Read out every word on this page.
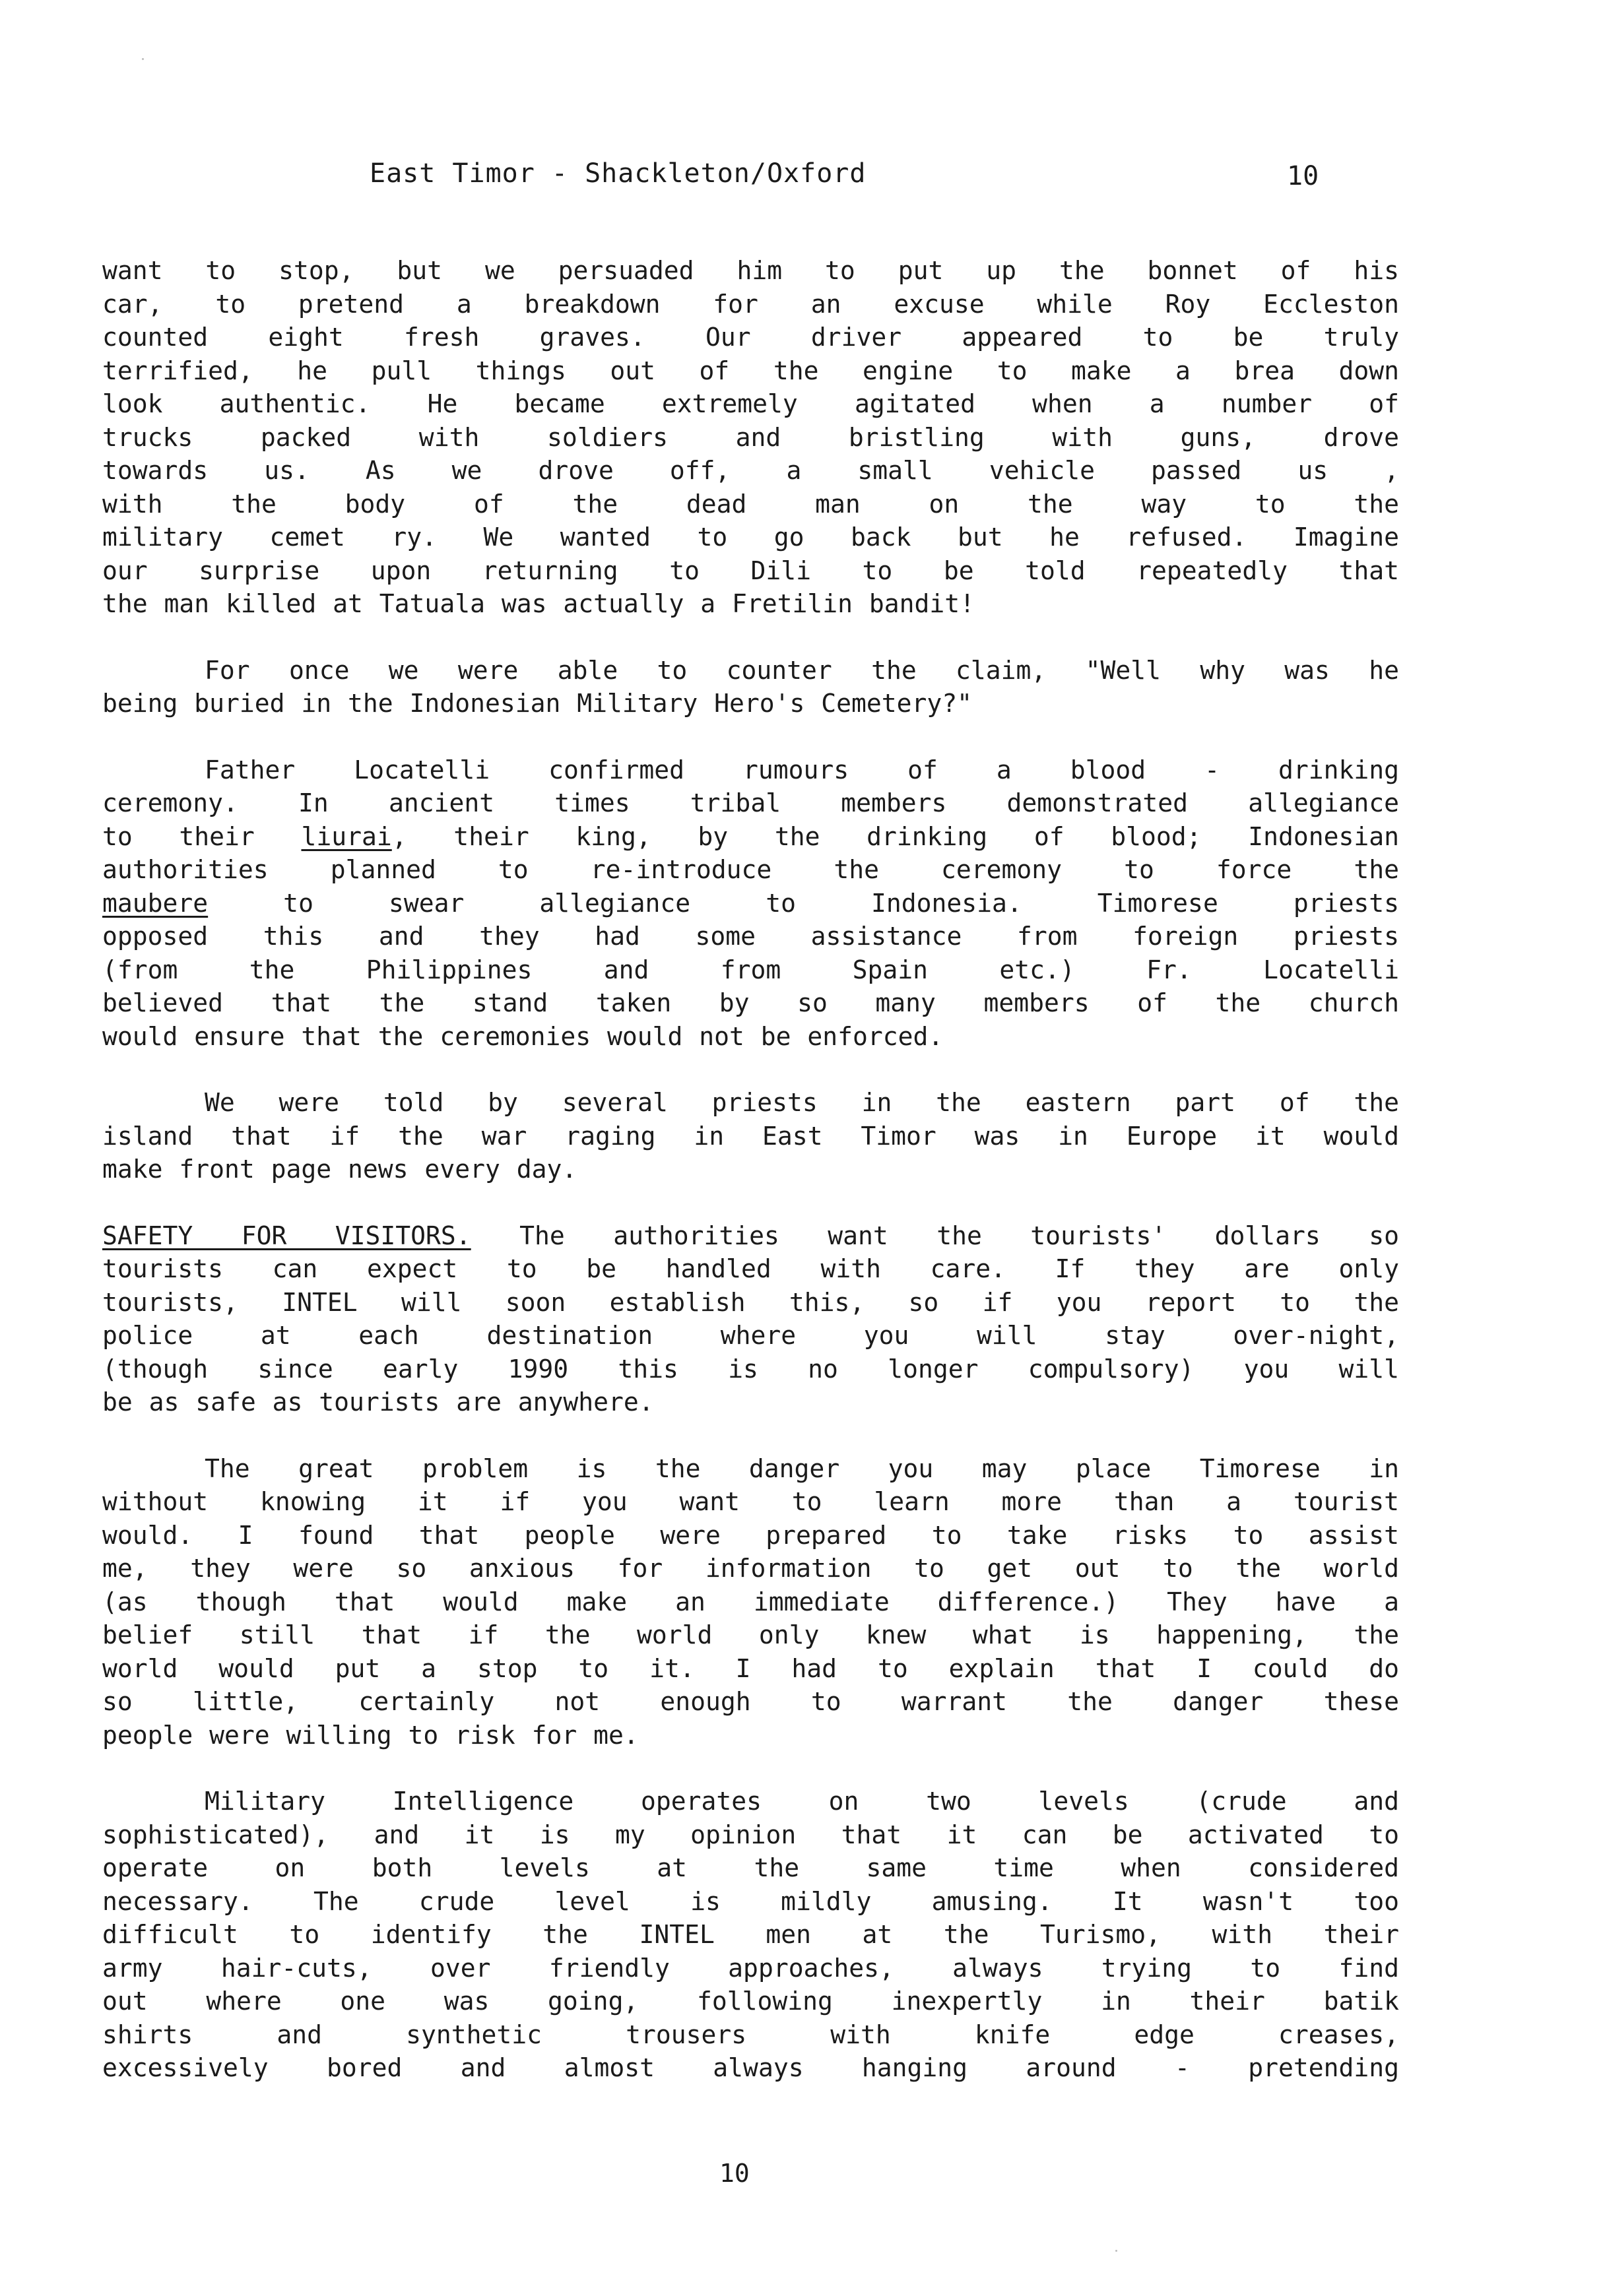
East Timor - Shackleton/Oxford	10
want to stop, but we persuaded him to put up the bonnet of his
car, to pretend a breakdown for an excuse while Roy Eccleston
counted eight fresh graves. Our driver appeared to be truly
terrified, he pull things out of the engine to make a brea down
look authentic. He became extremely agitated when a number of
trucks packed with soldiers and bristling with guns, drove
towards us. As we drove off, a small vehicle passed us ,
with the body of the dead man on the way to the
military cemet ry. We wanted to go back but he refused. Imagine
our surprise upon returning to Dili to be told repeatedly that
the man killed at Tatuala was actually a Fretilin bandit!
For once we were able to counter the claim, "Well why was he
being buried in the Indonesian Military Hero's Cemetery?"
Father Locatelli confirmed rumours of a blood - drinking
ceremony. In ancient times tribal members demonstrated allegiance
to their liurai, their king, by the drinking of blood; Indonesian
authorities planned to re-introduce the ceremony to force the
maubere to swear allegiance to Indonesia. Timorese priests
opposed this and they had some assistance from foreign priests
(from the Philippines and from Spain etc.) Fr. Locatelli
believed that the stand taken by so many members of the church
would ensure that the ceremonies would not be enforced.
We were told by several priests in the eastern part of the
island that if the war raging in East Timor was in Europe it would
make front page news every day.
SAFETY FOR VISITORS. The authorities want the tourists' dollars so
tourists can expect to be handled with care. If they are only
tourists, INTEL will soon establish this, so if you report to the
police at each destination where you will stay over-night,
(though since early 1990 this is no longer compulsory) you will
be as safe as tourists are anywhere.
The great problem is the danger you may place Timorese in
without knowing it if you want to learn more than a tourist
would. I found that people were prepared to take risks to assist
me, they were so anxious for information to get out to the world
(as though that would make an immediate difference.) They have a
belief still that if the world only knew what is happening, the
world would put a stop to it. I had to explain that I could do
so little, certainly not enough to warrant the danger these
people were willing to risk for me.
Military Intelligence operates on two levels (crude and
sophisticated), and it is my opinion that it can be activated to
operate on both levels at the same time when considered
necessary. The crude level is mildly amusing. It wasn't too
difficult to identify the INTEL men at the Turismo, with their
army hair-cuts, over friendly approaches, always trying to find
out where one was going, following inexpertly in their batik
shirts and synthetic trousers with knife edge creases,
excessively bored and almost always hanging around - pretending
10
